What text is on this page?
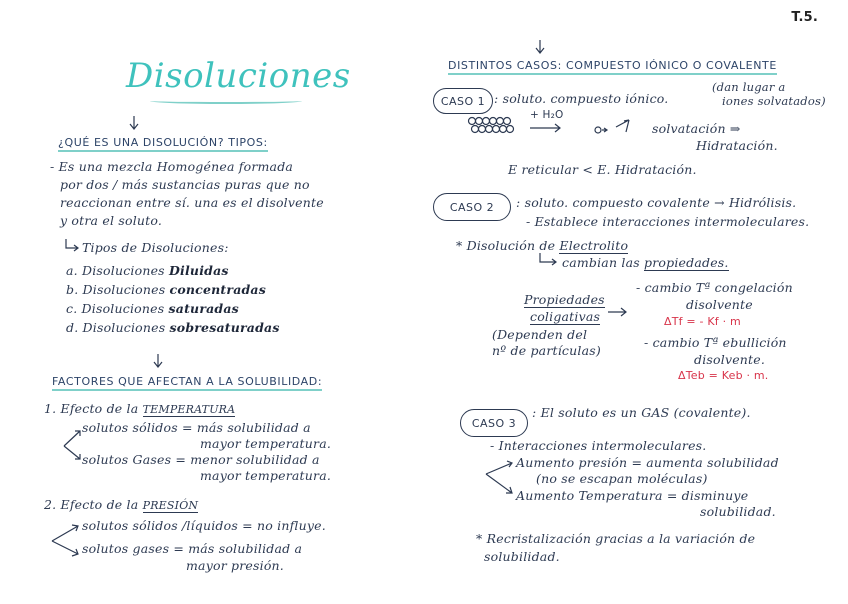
T.5.
Disoluciones
¿QUÉ ES UNA DISOLUCIÓN? TIPOS:
- Es una mezcla Homogénea formada
por dos / más sustancias puras que no
reaccionan entre sí. una es el disolvente
y otra el soluto.
Tipos de Disoluciones:
a. Disoluciones Diluidas
b. Disoluciones concentradas
c. Disoluciones saturadas
d. Disoluciones sobresaturadas
FACTORES QUE AFECTAN A LA SOLUBILIDAD:
1. Efecto de la TEMPERATURA
solutos sólidos = más solubilidad a
mayor temperatura.
solutos Gases = menor solubilidad a
mayor temperatura.
2. Efecto de la PRESIÓN
solutos sólidos /líquidos = no influye.
solutos gases = más solubilidad a
mayor presión.
DISTINTOS CASOS: COMPUESTO IÓNICO O COVALENTE
CASO 1 : soluto. compuesto iónico.
(dan lugar a
iones solvatados)
+ H₂O
solvatación ⇒
Hidratación.
E reticular < E. Hidratación.
CASO 2	: soluto. compuesto covalente → Hidrólisis.
- Establece interacciones intermoleculares.
* Disolución de Electrolito
cambian las propiedades.
Propiedades
coligativas
(Dependen del
nº de partículas)
- cambio Tª congelación
disolvente
ΔTf = - Kf · m
- cambio Tª ebullición
disolvente.
ΔTeb = Keb · m.
CASO 3
: El soluto es un GAS (covalente).
- Interacciones intermoleculares.
Aumento presión = aumenta solubilidad
(no se escapan moléculas)
Aumento Temperatura = disminuye
solubilidad.
* Recristalización gracias a la variación de
solubilidad.
